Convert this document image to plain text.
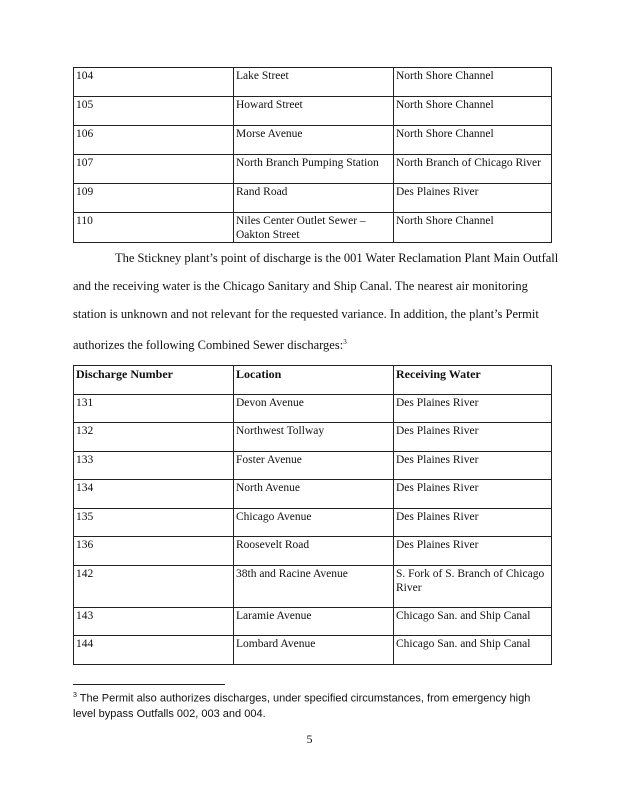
104	Lake Street	North Shore Channel
105	Howard Street	North Shore Channel
106	Morse Avenue	North Shore Channel
107	North Branch Pumping Station	North Branch of Chicago River
109	Rand Road	Des Plaines River
110	Niles Center Outlet Sewer – Oakton Street	North Shore Channel

The Stickney plant’s point of discharge is the 001 Water Reclamation Plant Main Outfall
and the receiving water is the Chicago Sanitary and Ship Canal. The nearest air monitoring
station is unknown and not relevant for the requested variance. In addition, the plant’s Permit
authorizes the following Combined Sewer discharges:$^3$

Discharge Number	Location	Receiving Water
131	Devon Avenue	Des Plaines River
132	Northwest Tollway	Des Plaines River
133	Foster Avenue	Des Plaines River
134	North Avenue	Des Plaines River
135	Chicago Avenue	Des Plaines River
136	Roosevelt Road	Des Plaines River
142	38th and Racine Avenue	S. Fork of S. Branch of Chicago River
143	Laramie Avenue	Chicago San. and Ship Canal
144	Lombard Avenue	Chicago San. and Ship Canal

$^3$ The Permit also authorizes discharges, under specified circumstances, from emergency high level bypass Outfalls 002, 003 and 004.

5
